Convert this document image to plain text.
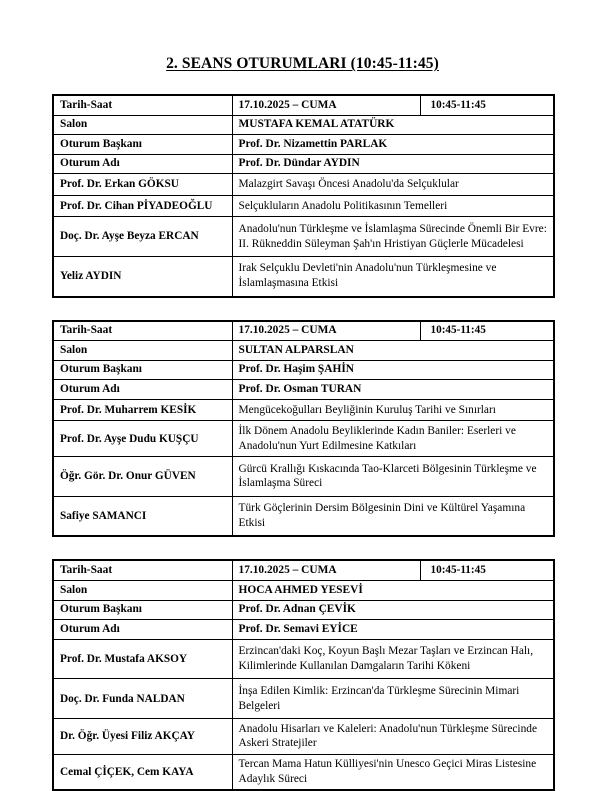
2. SEANS OTURUMLARI (10:45-11:45)
Tarih-Saat	17.10.2025 – CUMA	10:45-11:45
Salon	MUSTAFA KEMAL ATATÜRK	
Oturum Başkanı	Prof. Dr. Nizamettin PARLAK	
Oturum Adı	Prof. Dr. Dündar AYDIN	
Prof. Dr. Erkan GÖKSU	Malazgirt Savaşı Öncesi Anadolu'da Selçuklular	
Prof. Dr. Cihan PİYADEOĞLU	Selçukluların Anadolu Politikasının Temelleri	
Doç. Dr. Ayşe Beyza ERCAN	Anadolu'nun Türkleşme ve İslamlaşma Sürecinde Önemli Bir Evre: II. Rükneddin Süleyman Şah'ın Hristiyan Güçlerle Mücadelesi	
Yeliz AYDIN	Irak Selçuklu Devleti'nin Anadolu'nun Türkleşmesine ve İslamlaşmasına Etkisi	
Tarih-Saat	17.10.2025 – CUMA	10:45-11:45
Salon	SULTAN ALPARSLAN	
Oturum Başkanı	Prof. Dr. Haşim ŞAHİN	
Oturum Adı	Prof. Dr. Osman TURAN	
Prof. Dr. Muharrem KESİK	Mengücekoğulları Beyliğinin Kuruluş Tarihi ve Sınırları	
Prof. Dr. Ayşe Dudu KUŞÇU	İlk Dönem Anadolu Beyliklerinde Kadın Baniler: Eserleri ve Anadolu'nun Yurt Edilmesine Katkıları	
Öğr. Gör. Dr. Onur GÜVEN	Gürcü Krallığı Kıskacında Tao-Klarceti Bölgesinin Türkleşme ve İslamlaşma Süreci	
Safiye SAMANCI	Türk Göçlerinin Dersim Bölgesinin Dini ve Kültürel Yaşamına Etkisi	
Tarih-Saat	17.10.2025 – CUMA	10:45-11:45
Salon	HOCA AHMED YESEVİ	
Oturum Başkanı	Prof. Dr. Adnan ÇEVİK	
Oturum Adı	Prof. Dr. Semavi EYİCE	
Prof. Dr. Mustafa AKSOY	Erzincan'daki Koç, Koyun Başlı Mezar Taşları ve Erzincan Halı, Kilimlerinde Kullanılan Damgaların Tarihi Kökeni	
Doç. Dr. Funda NALDAN	İnşa Edilen Kimlik: Erzincan'da Türkleşme Sürecinin Mimari Belgeleri	
Dr. Öğr. Üyesi Filiz AKÇAY	Anadolu Hisarları ve Kaleleri: Anadolu'nun Türkleşme Sürecinde Askeri Stratejiler	
Cemal ÇİÇEK, Cem KAYA	Tercan Mama Hatun Külliyesi'nin Unesco Geçici Miras Listesine Adaylık Süreci	
